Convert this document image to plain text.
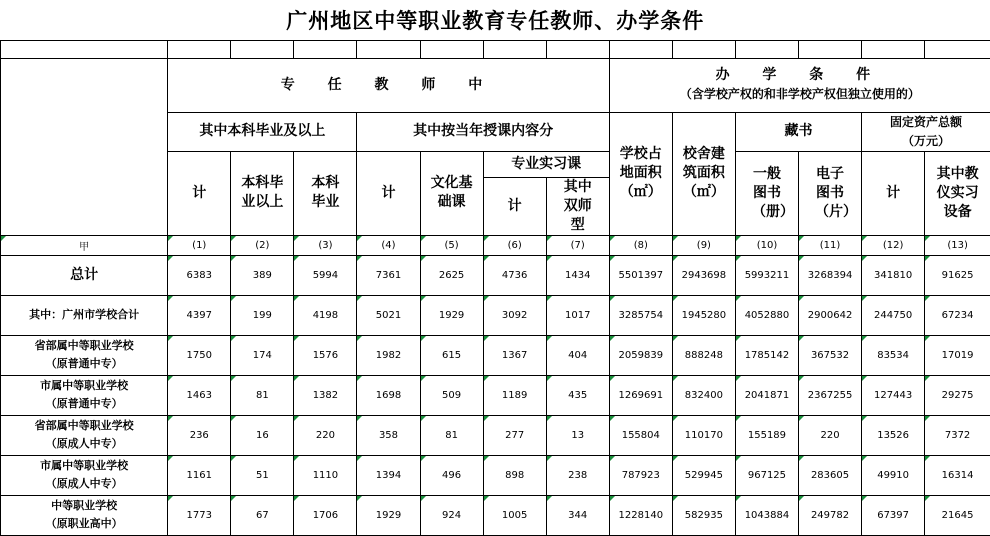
广州地区中等职业教育专任教师、办学条件													

	专 任 教 师 中							办 学 条 件
（含学校产权的和非学校产权但独立使用的）					

	其中本科毕业及以上			其中按当年授课内容分				学校占地面积（㎡）	校舍建筑面积（㎡）	藏书		固定资产总额
（万元）	

	计	本科毕业以上	本科毕业	计	文化基础课	专业实习课				一般图书（册）	电子图书（片）	计	其中教仪实习设备

						计	其中双师型						

甲	(1)	(2)	(3)	(4)	(5)	(6)	(7)	(8)	(9)	(10)	(11)	(12)	(13)

总计	6383	389	5994	7361	2625	4736	1434	5501397	2943698	5993211	3268394	341810	91625

其中：广州市学校合计	4397	199	4198	5021	1929	3092	1017	3285754	1945280	4052880	2900642	244750	67234

省部属中等职业学校
（原普通中专）	1750	174	1576	1982	615	1367	404	2059839	888248	1785142	367532	83534	17019

市属中等职业学校
（原普通中专）	1463	81	1382	1698	509	1189	435	1269691	832400	2041871	2367255	127443	29275

省部属中等职业学校
（原成人中专）	236	16	220	358	81	277	13	155804	110170	155189	220	13526	7372

市属中等职业学校
（原成人中专）	1161	51	1110	1394	496	898	238	787923	529945	967125	283605	49910	16314

中等职业学校
（原职业高中）	1773	67	1706	1929	924	1005	344	1228140	582935	1043884	249782	67397	21645
